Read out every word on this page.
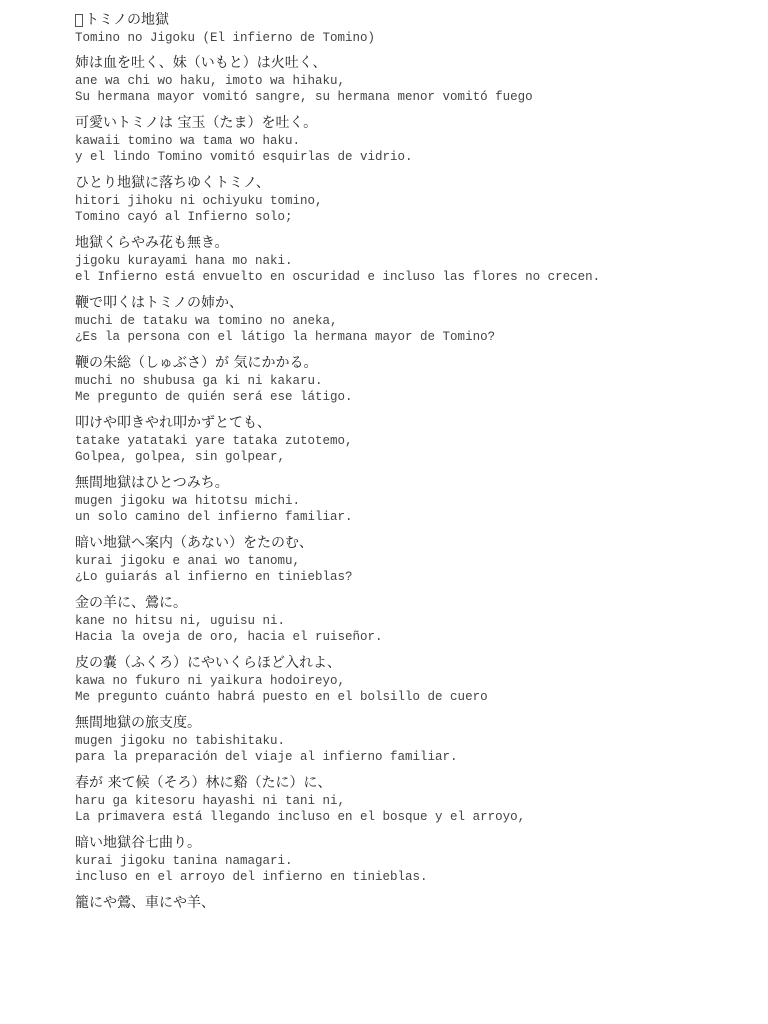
トミノの地獄
Tomino no Jigoku (El infierno de Tomino)
姉は血を吐く、妹（いもと）は火吐く、
ane wa chi wo haku, imoto wa hihaku,
Su hermana mayor vomitó sangre, su hermana menor vomitó fuego
可愛いトミノは 宝玉（たま）を吐く。
kawaii tomino wa tama wo haku.
y el lindo Tomino vomitó esquirlas de vidrio.
ひとり地獄に落ちゆくトミノ、
hitori jihoku ni ochiyuku tomino,
Tomino cayó al Infierno solo;
地獄くらやみ花も無き。
jigoku kurayami hana mo naki.
el Infierno está envuelto en oscuridad e incluso las flores no crecen.
鞭で叩くはトミノの姉か、
muchi de tataku wa tomino no aneka,
¿Es la persona con el látigo la hermana mayor de Tomino?
鞭の朱総（しゅぶさ）が 気にかかる。
muchi no shubusa ga ki ni kakaru.
Me pregunto de quién será ese látigo.
叩けや叩きやれ叩かずとても、
tatake yatataki yare tataka zutotemo,
Golpea, golpea, sin golpear,
無間地獄はひとつみち。
mugen jigoku wa hitotsu michi.
un solo camino del infierno familiar.
暗い地獄へ案内（あない）をたのむ、
kurai jigoku e anai wo tanomu,
¿Lo guiarás al infierno en tinieblas?
金の羊に、鶯に。
kane no hitsu ni, uguisu ni.
Hacia la oveja de oro, hacia el ruiseñor.
皮の嚢（ふくろ）にやいくらほど入れよ、
kawa no fukuro ni yaikura hodoireyo,
Me pregunto cuánto habrá puesto en el bolsillo de cuero
無間地獄の旅支度。
mugen jigoku no tabishitaku.
para la preparación del viaje al infierno familiar.
春が 来て候（そろ）林に谿（たに）に、
haru ga kitesoru hayashi ni tani ni,
La primavera está llegando incluso en el bosque y el arroyo,
暗い地獄谷七曲り。
kurai jigoku tanina namagari.
incluso en el arroyo del infierno en tinieblas.
籠にや鶯、車にや羊、
